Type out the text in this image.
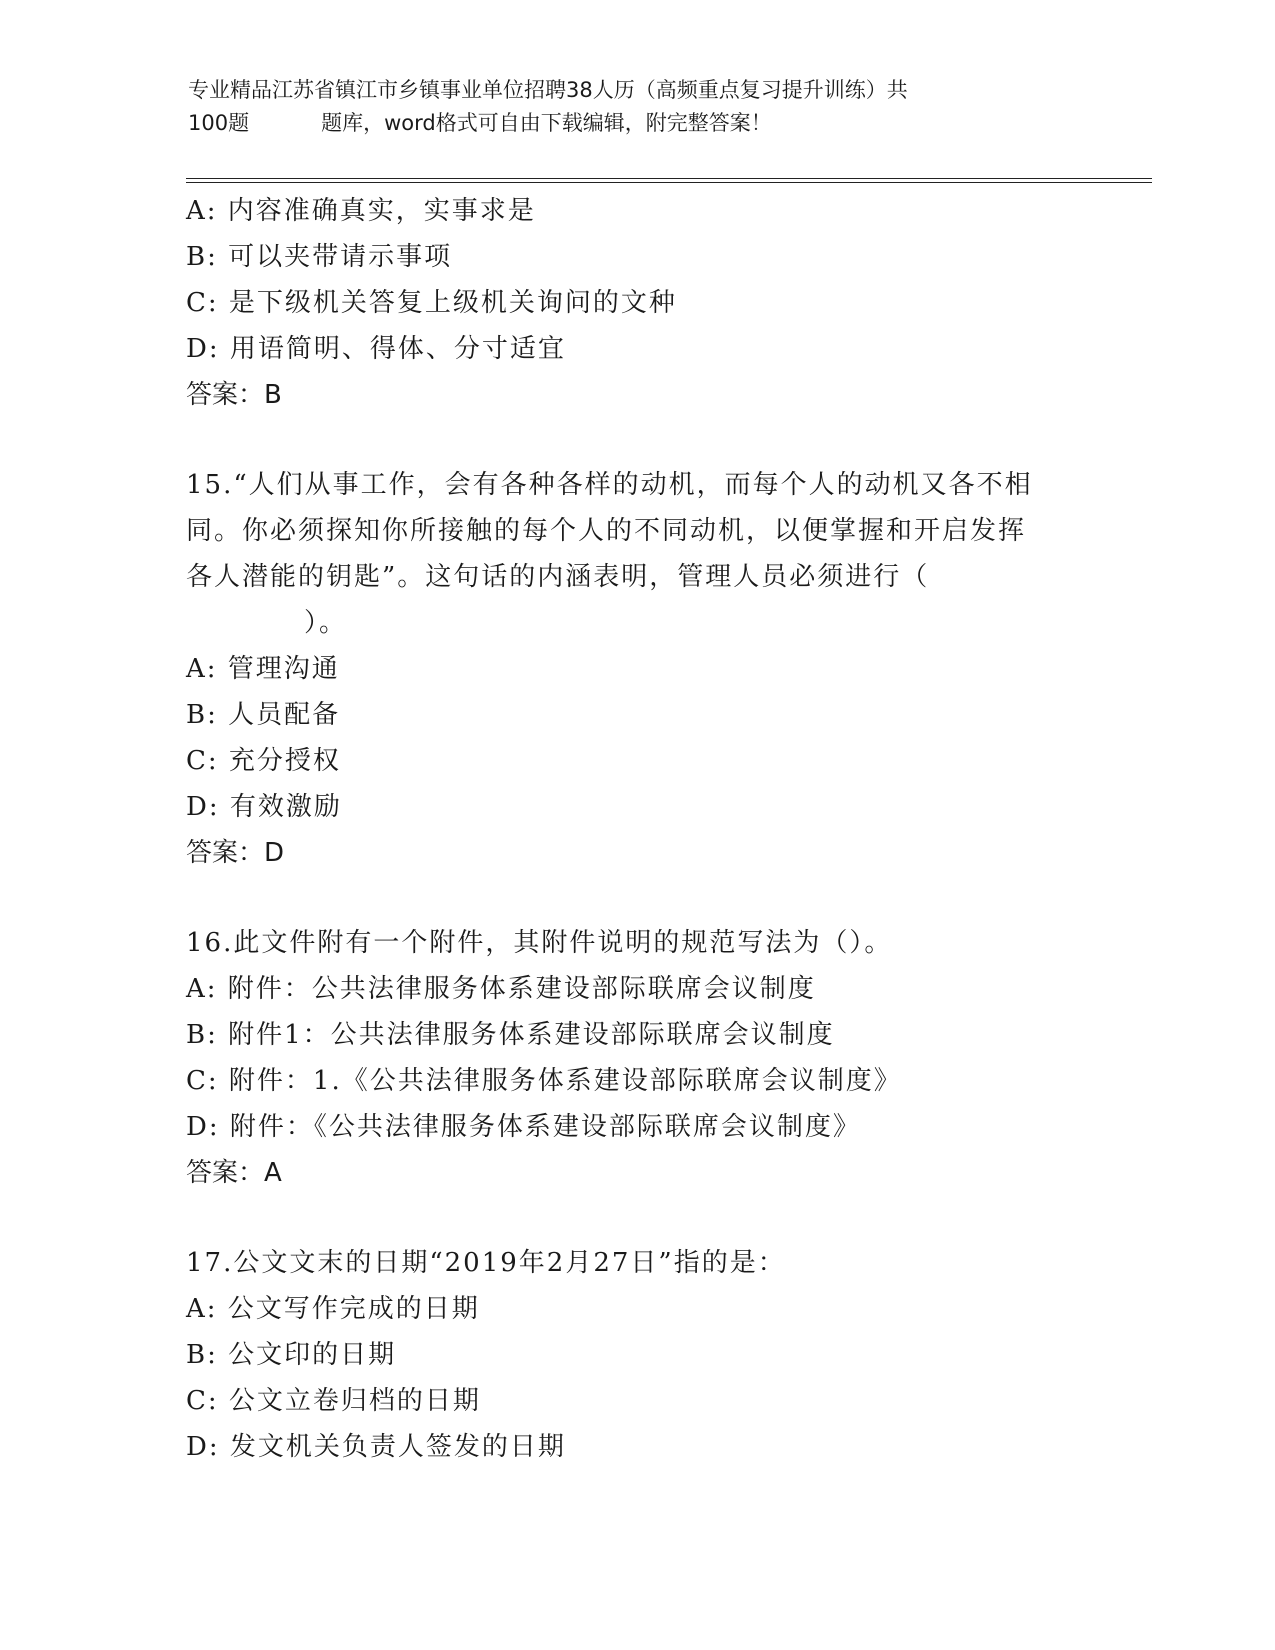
专业精品江苏省镇江市乡镇事业单位招聘38人历（高频重点复习提升训练）共
100题	题库，word格式可自由下载编辑，附完整答案！
A: 内容准确真实，实事求是
B: 可以夹带请示事项
C: 是下级机关答复上级机关询问的文种
D: 用语简明、得体、分寸适宜
答案：B
15.“人们从事工作，会有各种各样的动机，而每个人的动机又各不相
同。你必须探知你所接触的每个人的不同动机，以便掌握和开启发挥
各人潜能的钥匙”。这句话的内涵表明，管理人员必须进行（
）。
A: 管理沟通
B: 人员配备
C: 充分授权
D: 有效激励
答案：D
16.此文件附有一个附件，其附件说明的规范写法为（）。
A: 附件：公共法律服务体系建设部际联席会议制度
B: 附件1：公共法律服务体系建设部际联席会议制度
C: 附件：1.《公共法律服务体系建设部际联席会议制度》
D: 附件：《公共法律服务体系建设部际联席会议制度》
答案：A
17.公文文末的日期“2019年2月27日”指的是：
A: 公文写作完成的日期
B: 公文印的日期
C: 公文立卷归档的日期
D: 发文机关负责人签发的日期
